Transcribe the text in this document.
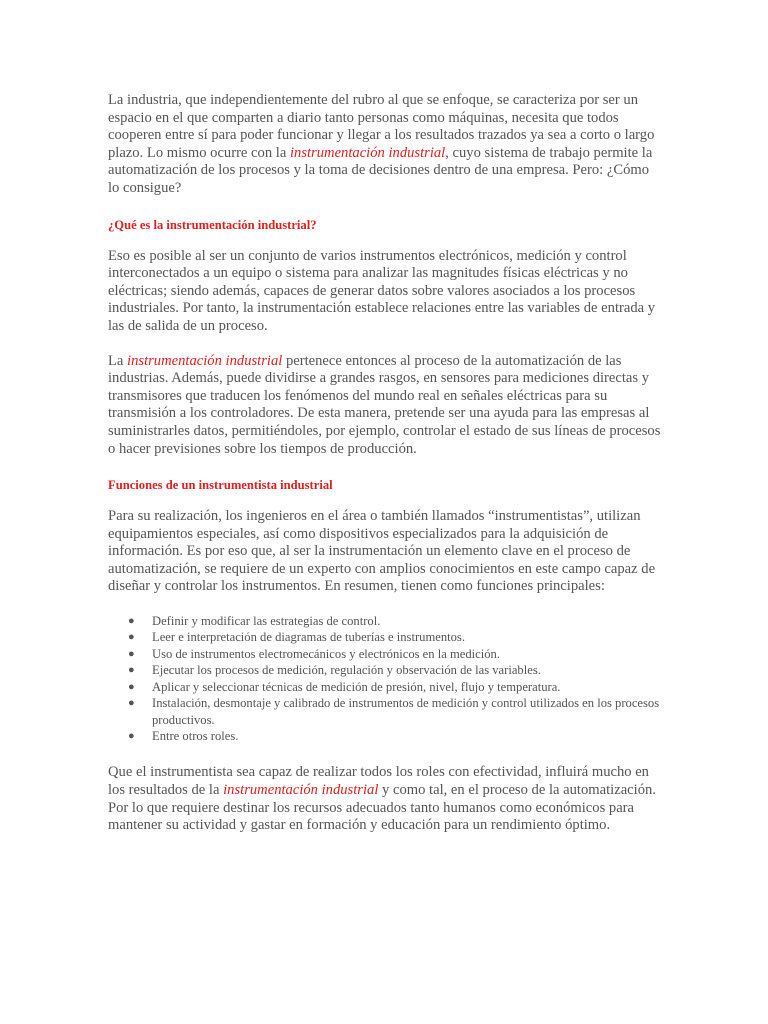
La industria, que independientemente del rubro al que se enfoque, se caracteriza por ser un espacio en el que comparten a diario tanto personas como máquinas, necesita que todos cooperen entre sí para poder funcionar y llegar a los resultados trazados ya sea a corto o largo plazo. Lo mismo ocurre con la instrumentación industrial, cuyo sistema de trabajo permite la automatización de los procesos y la toma de decisiones dentro de una empresa. Pero: ¿Cómo lo consigue?

¿Qué es la instrumentación industrial?

Eso es posible al ser un conjunto de varios instrumentos electrónicos, medición y control interconectados a un equipo o sistema para analizar las magnitudes físicas eléctricas y no eléctricas; siendo además, capaces de generar datos sobre valores asociados a los procesos industriales. Por tanto, la instrumentación establece relaciones entre las variables de entrada y las de salida de un proceso.

La instrumentación industrial pertenece entonces al proceso de la automatización de las industrias. Además, puede dividirse a grandes rasgos, en sensores para mediciones directas y transmisores que traducen los fenómenos del mundo real en señales eléctricas para su transmisión a los controladores. De esta manera, pretende ser una ayuda para las empresas al suministrarles datos, permitiéndoles, por ejemplo, controlar el estado de sus líneas de procesos o hacer previsiones sobre los tiempos de producción.

Funciones de un instrumentista industrial

Para su realización, los ingenieros en el área o también llamados “instrumentistas”, utilizan equipamientos especiales, así como dispositivos especializados para la adquisición de información. Es por eso que, al ser la instrumentación un elemento clave en el proceso de automatización, se requiere de un experto con amplios conocimientos en este campo capaz de diseñar y controlar los instrumentos. En resumen, tienen como funciones principales:

● Definir y modificar las estrategias de control.
● Leer e interpretación de diagramas de tuberías e instrumentos.
● Uso de instrumentos electromecánicos y electrónicos en la medición.
● Ejecutar los procesos de medición, regulación y observación de las variables.
● Aplicar y seleccionar técnicas de medición de presión, nivel, flujo y temperatura.
● Instalación, desmontaje y calibrado de instrumentos de medición y control utilizados en los procesos productivos.
● Entre otros roles.

Que el instrumentista sea capaz de realizar todos los roles con efectividad, influirá mucho en los resultados de la instrumentación industrial y como tal, en el proceso de la automatización. Por lo que requiere destinar los recursos adecuados tanto humanos como económicos para mantener su actividad y gastar en formación y educación para un rendimiento óptimo.
